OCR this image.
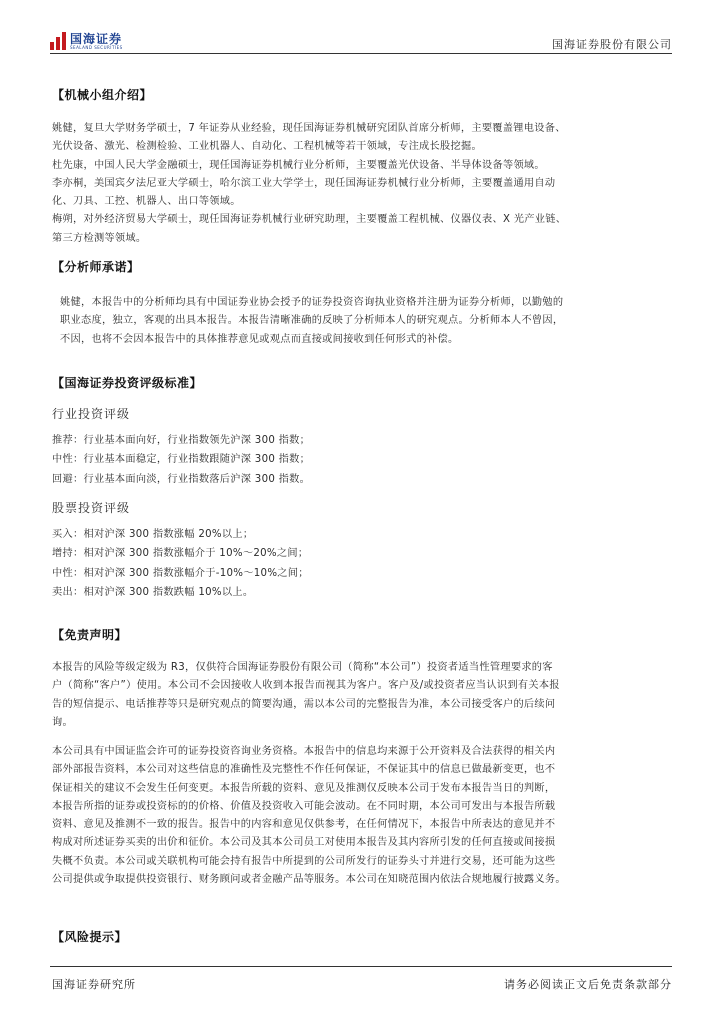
国海证券
SEALAND SECURITIES	国海证券股份有限公司
【机械小组介绍】
姚健，复旦大学财务学硕士，7 年证券从业经验，现任国海证券机械研究团队首席分析师，主要覆盖锂电设备、
光伏设备、激光、检测检验、工业机器人、自动化、工程机械等若干领域，专注成长股挖掘。
杜先康，中国人民大学金融硕士，现任国海证券机械行业分析师，主要覆盖光伏设备、半导体设备等领域。
李亦桐，美国宾夕法尼亚大学硕士，哈尔滨工业大学学士，现任国海证券机械行业分析师，主要覆盖通用自动
化、刀具、工控、机器人、出口等领域。
梅朔，对外经济贸易大学硕士，现任国海证券机械行业研究助理，主要覆盖工程机械、仪器仪表、X 光产业链、
第三方检测等领域。
【分析师承诺】
姚健，本报告中的分析师均具有中国证券业协会授予的证券投资咨询执业资格并注册为证券分析师，以勤勉的
职业态度，独立，客观的出具本报告。本报告清晰准确的反映了分析师本人的研究观点。分析师本人不曾因，
不因，也将不会因本报告中的具体推荐意见或观点而直接或间接收到任何形式的补偿。
【国海证券投资评级标准】
行业投资评级
推荐：行业基本面向好，行业指数领先沪深 300 指数；
中性：行业基本面稳定，行业指数跟随沪深 300 指数；
回避：行业基本面向淡，行业指数落后沪深 300 指数。
股票投资评级
买入：相对沪深 300 指数涨幅 20%以上；
增持：相对沪深 300 指数涨幅介于 10%～20%之间；
中性：相对沪深 300 指数涨幅介于-10%～10%之间；
卖出：相对沪深 300 指数跌幅 10%以上。
【免责声明】
本报告的风险等级定级为 R3，仅供符合国海证券股份有限公司（简称“本公司”）投资者适当性管理要求的客
户（简称“客户”）使用。本公司不会因接收人收到本报告而视其为客户。客户及/或投资者应当认识到有关本报
告的短信提示、电话推荐等只是研究观点的简要沟通，需以本公司的完整报告为准，本公司接受客户的后续问
询。
本公司具有中国证监会许可的证券投资咨询业务资格。本报告中的信息均来源于公开资料及合法获得的相关内
部外部报告资料，本公司对这些信息的准确性及完整性不作任何保证，不保证其中的信息已做最新变更，也不
保证相关的建议不会发生任何变更。本报告所载的资料、意见及推测仅反映本公司于发布本报告当日的判断，
本报告所指的证券或投资标的的价格、价值及投资收入可能会波动。在不同时期，本公司可发出与本报告所载
资料、意见及推测不一致的报告。报告中的内容和意见仅供参考，在任何情况下，本报告中所表达的意见并不
构成对所述证券买卖的出价和征价。本公司及其本公司员工对使用本报告及其内容所引发的任何直接或间接损
失概不负责。本公司或关联机构可能会持有报告中所提到的公司所发行的证券头寸并进行交易，还可能为这些
公司提供或争取提供投资银行、财务顾问或者金融产品等服务。本公司在知晓范围内依法合规地履行披露义务。
【风险提示】
国海证券研究所	请务必阅读正文后免责条款部分
